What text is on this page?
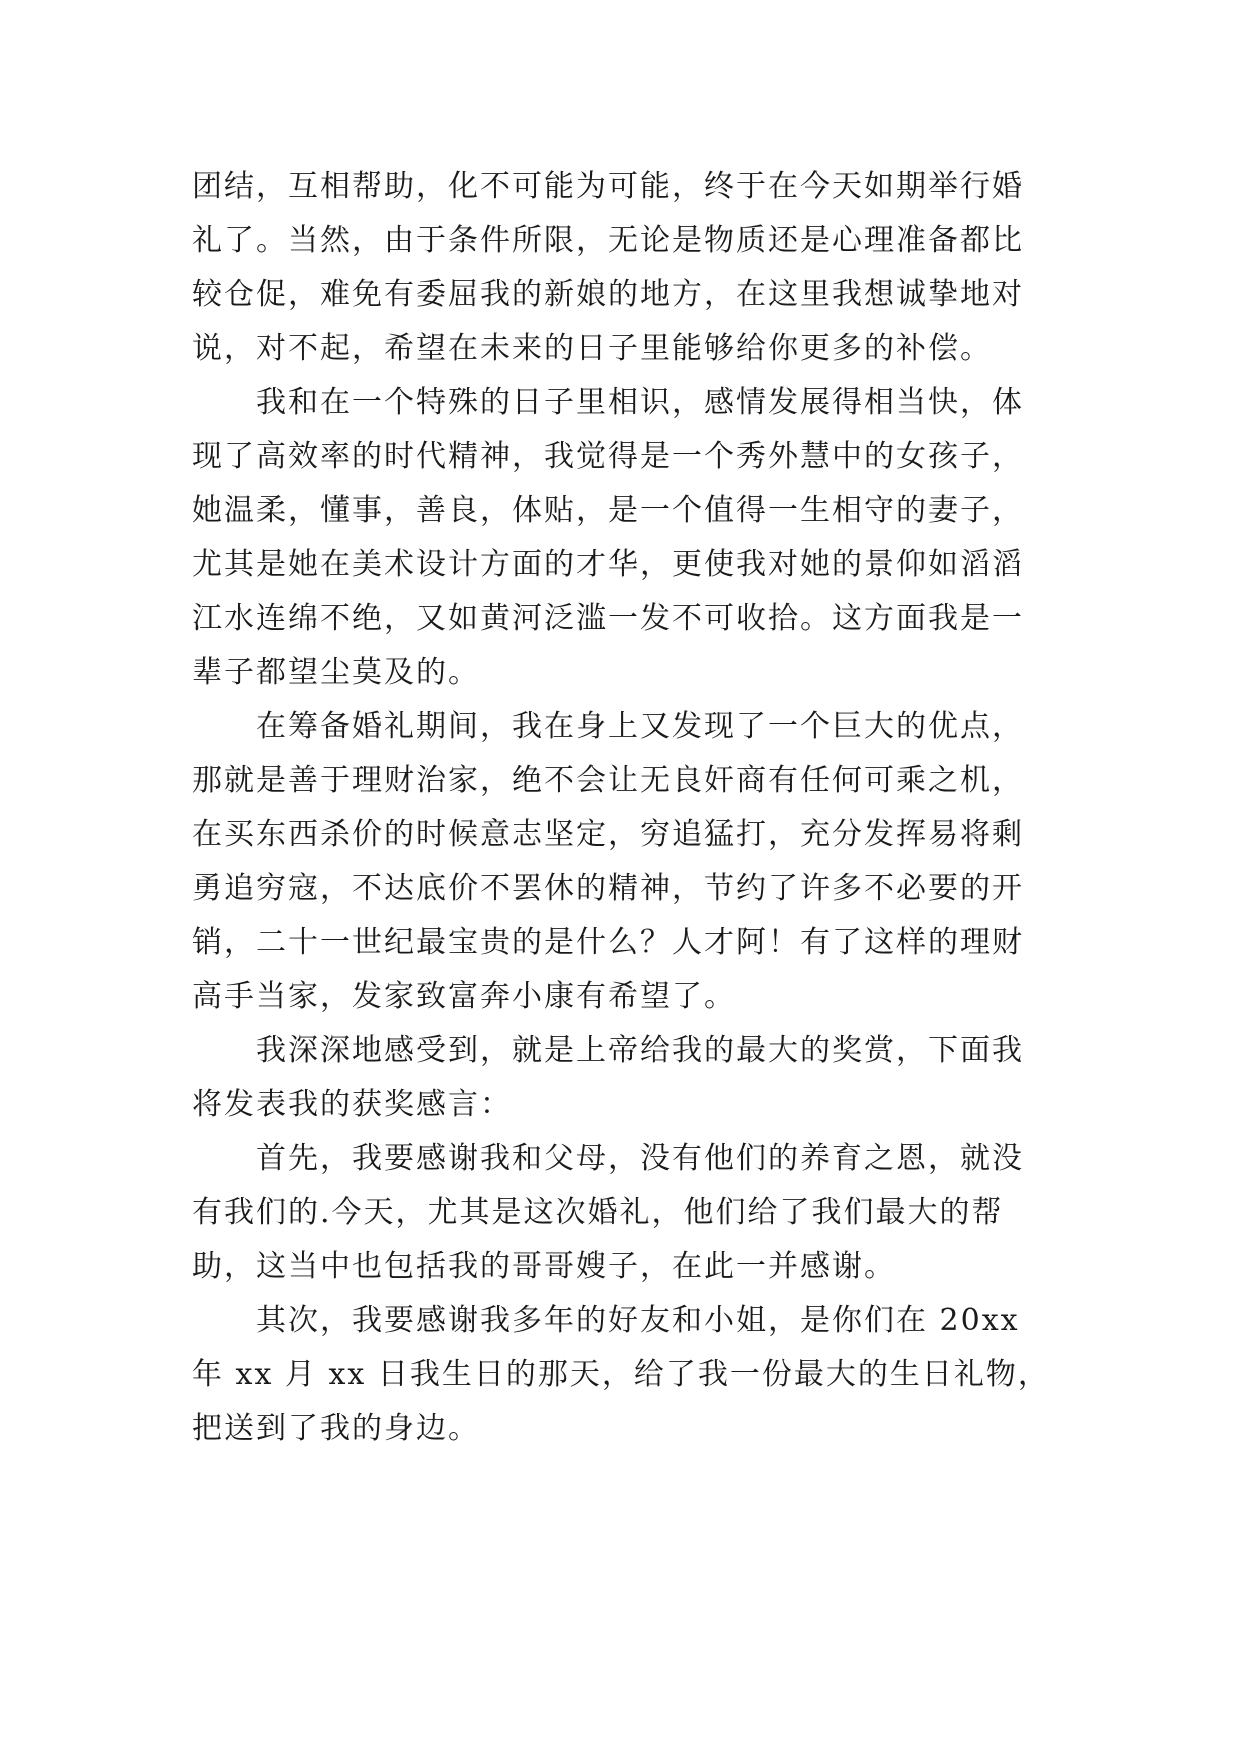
团结，互相帮助，化不可能为可能，终于在今天如期举行婚
礼了。当然，由于条件所限，无论是物质还是心理准备都比
较仓促，难免有委屈我的新娘的地方，在这里我想诚挚地对
说，对不起，希望在未来的日子里能够给你更多的补偿。
我和在一个特殊的日子里相识，感情发展得相当快，体
现了高效率的时代精神，我觉得是一个秀外慧中的女孩子，
她温柔，懂事，善良，体贴，是一个值得一生相守的妻子，
尤其是她在美术设计方面的才华，更使我对她的景仰如滔滔
江水连绵不绝，又如黄河泛滥一发不可收拾。这方面我是一
辈子都望尘莫及的。
在筹备婚礼期间，我在身上又发现了一个巨大的优点，
那就是善于理财治家，绝不会让无良奸商有任何可乘之机，
在买东西杀价的时候意志坚定，穷追猛打，充分发挥易将剩
勇追穷寇，不达底价不罢休的精神，节约了许多不必要的开
销，二十一世纪最宝贵的是什么？人才阿！有了这样的理财
高手当家，发家致富奔小康有希望了。
我深深地感受到，就是上帝给我的最大的奖赏，下面我
将发表我的获奖感言：
首先，我要感谢我和父母，没有他们的养育之恩，就没
有我们的.今天，尤其是这次婚礼，他们给了我们最大的帮
助，这当中也包括我的哥哥嫂子，在此一并感谢。
其次，我要感谢我多年的好友和小姐，是你们在 20xx
年 xx 月 xx 日我生日的那天，给了我一份最大的生日礼物，
把送到了我的身边。
